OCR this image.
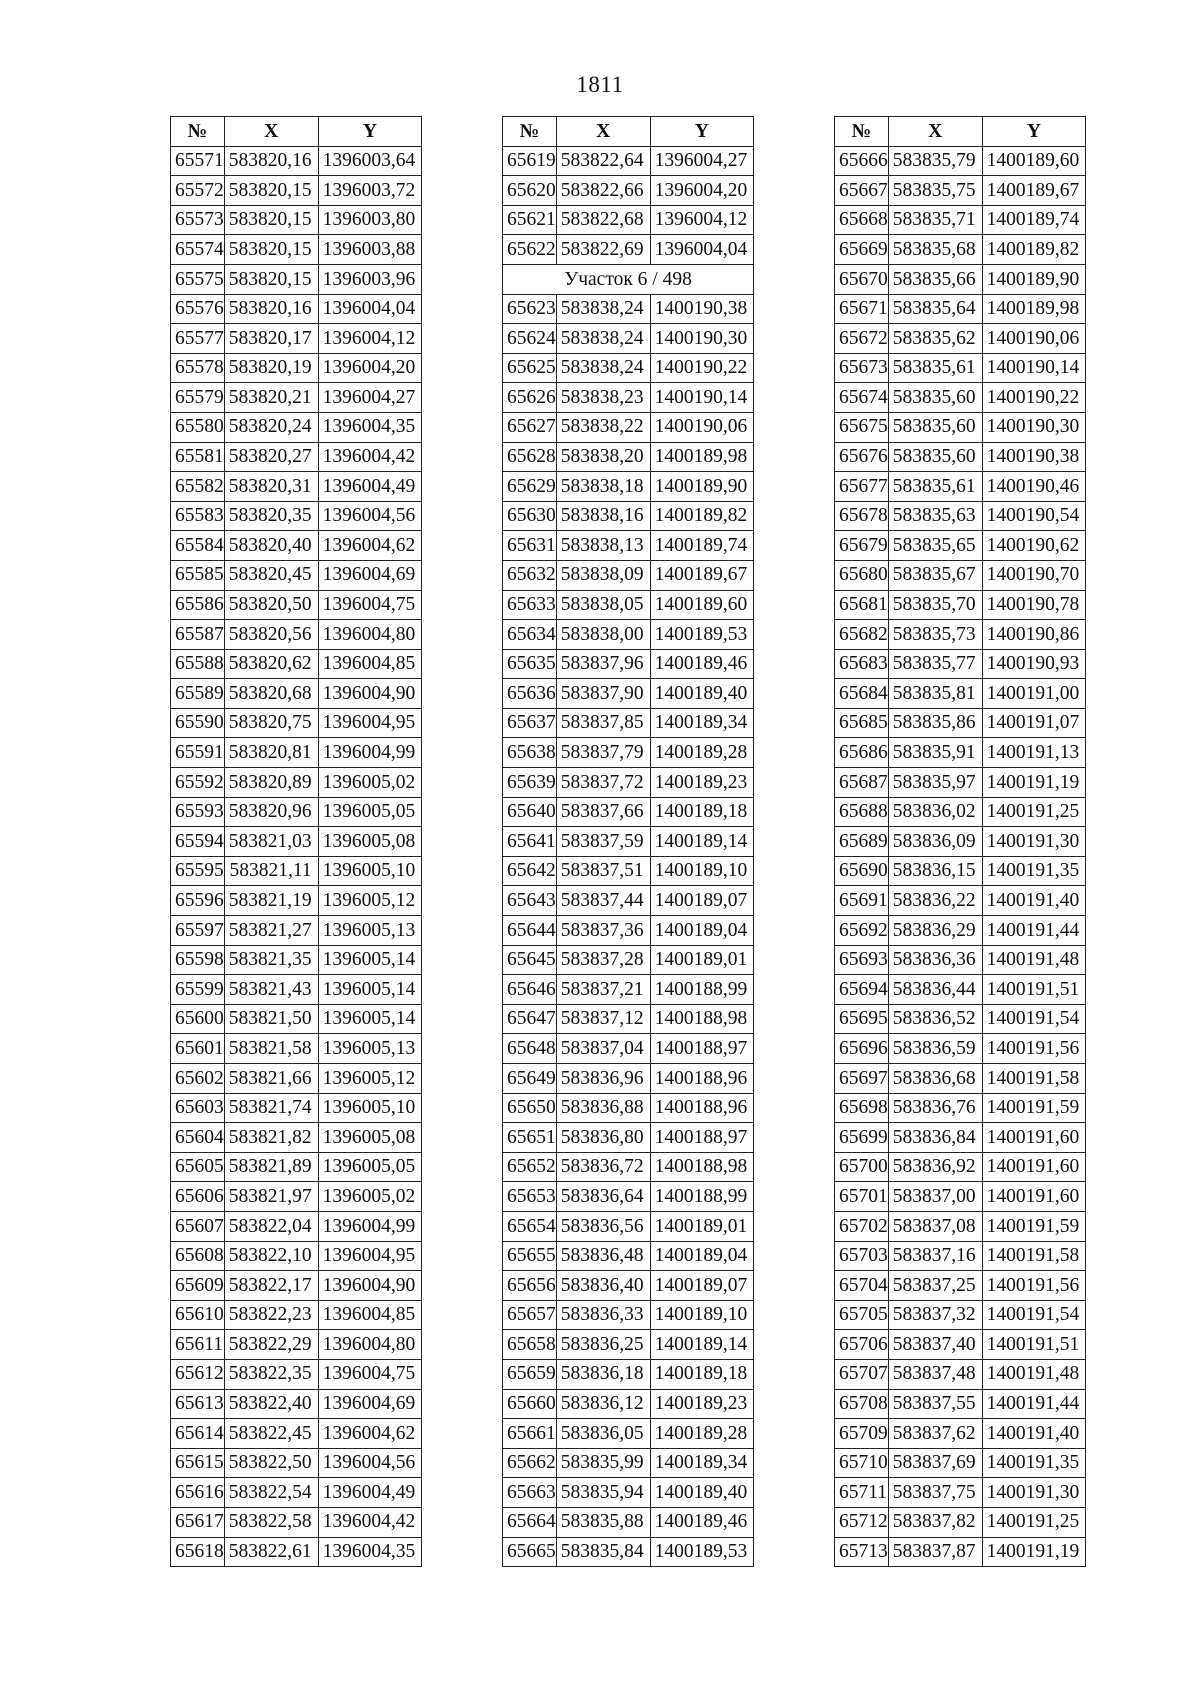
1811
№	X	Y
65571	583820,16	1396003,64
65572	583820,15	1396003,72
65573	583820,15	1396003,80
65574	583820,15	1396003,88
65575	583820,15	1396003,96
65576	583820,16	1396004,04
65577	583820,17	1396004,12
65578	583820,19	1396004,20
65579	583820,21	1396004,27
65580	583820,24	1396004,35
65581	583820,27	1396004,42
65582	583820,31	1396004,49
65583	583820,35	1396004,56
65584	583820,40	1396004,62
65585	583820,45	1396004,69
65586	583820,50	1396004,75
65587	583820,56	1396004,80
65588	583820,62	1396004,85
65589	583820,68	1396004,90
65590	583820,75	1396004,95
65591	583820,81	1396004,99
65592	583820,89	1396005,02
65593	583820,96	1396005,05
65594	583821,03	1396005,08
65595	583821,11	1396005,10
65596	583821,19	1396005,12
65597	583821,27	1396005,13
65598	583821,35	1396005,14
65599	583821,43	1396005,14
65600	583821,50	1396005,14
65601	583821,58	1396005,13
65602	583821,66	1396005,12
65603	583821,74	1396005,10
65604	583821,82	1396005,08
65605	583821,89	1396005,05
65606	583821,97	1396005,02
65607	583822,04	1396004,99
65608	583822,10	1396004,95
65609	583822,17	1396004,90
65610	583822,23	1396004,85
65611	583822,29	1396004,80
65612	583822,35	1396004,75
65613	583822,40	1396004,69
65614	583822,45	1396004,62
65615	583822,50	1396004,56
65616	583822,54	1396004,49
65617	583822,58	1396004,42
65618	583822,61	1396004,35
№	X	Y
65619	583822,64	1396004,27
65620	583822,66	1396004,20
65621	583822,68	1396004,12
65622	583822,69	1396004,04
Участок 6 / 498		
65623	583838,24	1400190,38
65624	583838,24	1400190,30
65625	583838,24	1400190,22
65626	583838,23	1400190,14
65627	583838,22	1400190,06
65628	583838,20	1400189,98
65629	583838,18	1400189,90
65630	583838,16	1400189,82
65631	583838,13	1400189,74
65632	583838,09	1400189,67
65633	583838,05	1400189,60
65634	583838,00	1400189,53
65635	583837,96	1400189,46
65636	583837,90	1400189,40
65637	583837,85	1400189,34
65638	583837,79	1400189,28
65639	583837,72	1400189,23
65640	583837,66	1400189,18
65641	583837,59	1400189,14
65642	583837,51	1400189,10
65643	583837,44	1400189,07
65644	583837,36	1400189,04
65645	583837,28	1400189,01
65646	583837,21	1400188,99
65647	583837,12	1400188,98
65648	583837,04	1400188,97
65649	583836,96	1400188,96
65650	583836,88	1400188,96
65651	583836,80	1400188,97
65652	583836,72	1400188,98
65653	583836,64	1400188,99
65654	583836,56	1400189,01
65655	583836,48	1400189,04
65656	583836,40	1400189,07
65657	583836,33	1400189,10
65658	583836,25	1400189,14
65659	583836,18	1400189,18
65660	583836,12	1400189,23
65661	583836,05	1400189,28
65662	583835,99	1400189,34
65663	583835,94	1400189,40
65664	583835,88	1400189,46
65665	583835,84	1400189,53
№	X	Y
65666	583835,79	1400189,60
65667	583835,75	1400189,67
65668	583835,71	1400189,74
65669	583835,68	1400189,82
65670	583835,66	1400189,90
65671	583835,64	1400189,98
65672	583835,62	1400190,06
65673	583835,61	1400190,14
65674	583835,60	1400190,22
65675	583835,60	1400190,30
65676	583835,60	1400190,38
65677	583835,61	1400190,46
65678	583835,63	1400190,54
65679	583835,65	1400190,62
65680	583835,67	1400190,70
65681	583835,70	1400190,78
65682	583835,73	1400190,86
65683	583835,77	1400190,93
65684	583835,81	1400191,00
65685	583835,86	1400191,07
65686	583835,91	1400191,13
65687	583835,97	1400191,19
65688	583836,02	1400191,25
65689	583836,09	1400191,30
65690	583836,15	1400191,35
65691	583836,22	1400191,40
65692	583836,29	1400191,44
65693	583836,36	1400191,48
65694	583836,44	1400191,51
65695	583836,52	1400191,54
65696	583836,59	1400191,56
65697	583836,68	1400191,58
65698	583836,76	1400191,59
65699	583836,84	1400191,60
65700	583836,92	1400191,60
65701	583837,00	1400191,60
65702	583837,08	1400191,59
65703	583837,16	1400191,58
65704	583837,25	1400191,56
65705	583837,32	1400191,54
65706	583837,40	1400191,51
65707	583837,48	1400191,48
65708	583837,55	1400191,44
65709	583837,62	1400191,40
65710	583837,69	1400191,35
65711	583837,75	1400191,30
65712	583837,82	1400191,25
65713	583837,87	1400191,19
